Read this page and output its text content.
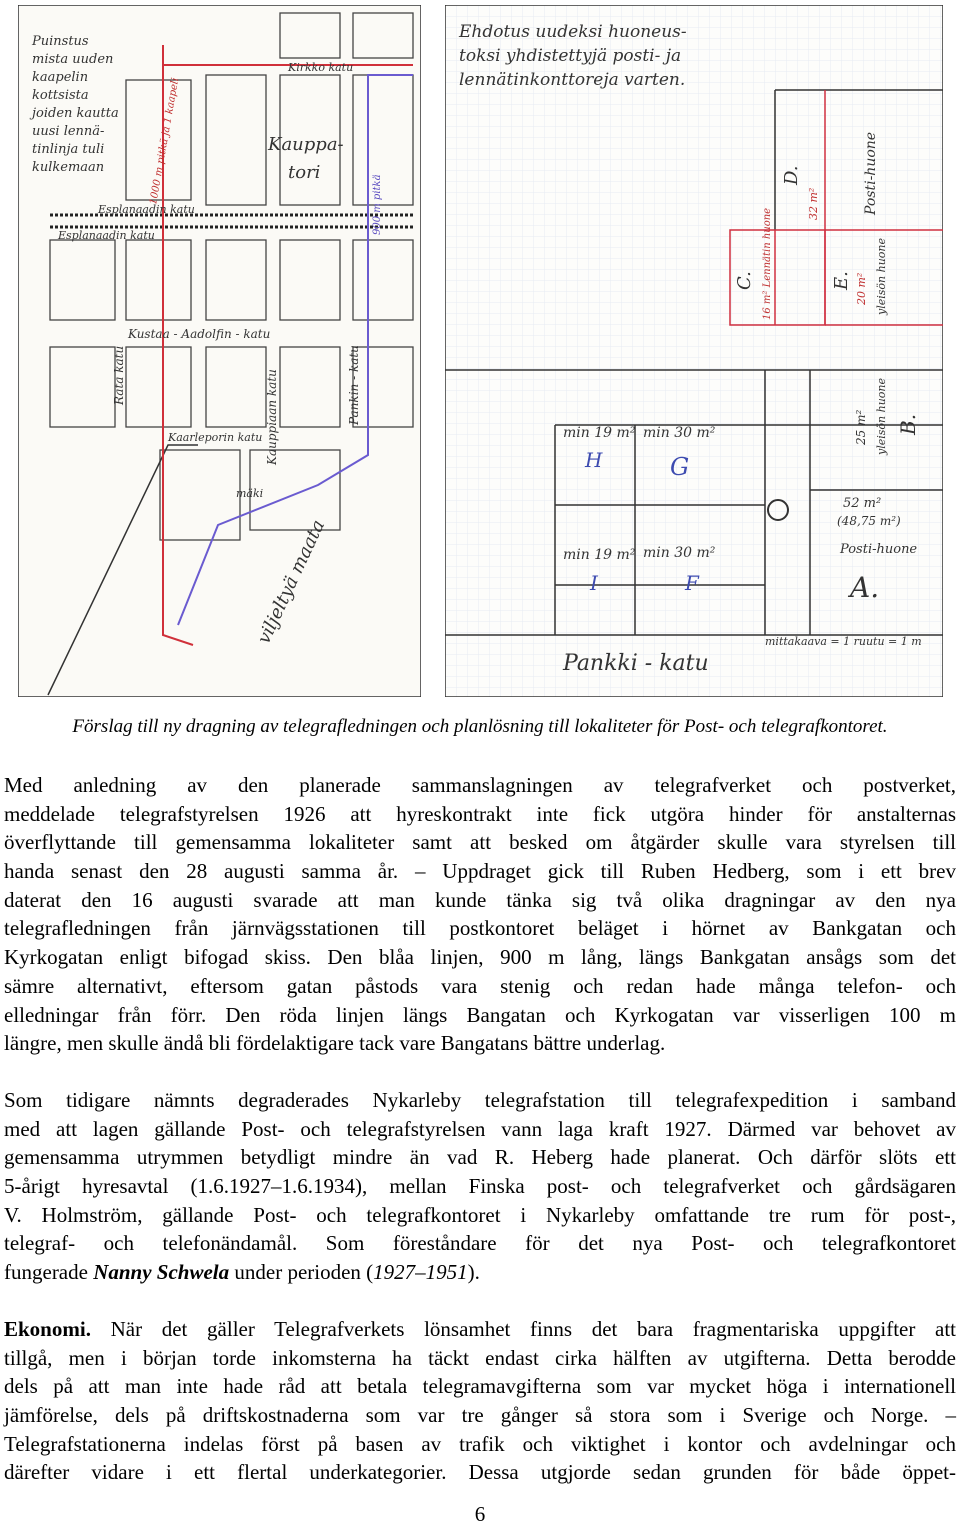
Puinstus mista uuden kaapelin kottsista joiden kautta uusi lennä-tinlinja tuli kulkemaan
Kirkko katu
Kauppa-tori
Esplanaadin katu
Esplanaadin katu
Kustaa - Aadolfin - katu
Kaarleporin katu
Rata katu	Kauppiaan katu	Pankin - katu
1000 m pitkä ja 1 kaapeli	900 m pitkä
viljeltyä maata
mäki
Ehdotus uudeksi huoneus-toksi yhdistettyjä posti- ja lennätinkonttoreja varten.
min 19 m²
H
min 30 m²
G
min 19 m²
I
min 30 m²
F
C.
16 m² Lennätin huone
D.
32 m²	Posti-huone
E. 20 m² yleisön huone
25 m² yleisön huone B.
52 m²
(48,75 m²)
Posti-huone
A.
mittakaava = 1 ruutu = 1 m
Pankki - katu
Förslag till ny dragning av telegrafledningen och planlösning till lokaliteter för Post- och telegrafkontoret.
Med anledning av den planerade sammanslagningen av telegrafverket och postverket,
meddelade telegrafstyrelsen 1926 att hyreskontrakt inte fick utgöra hinder för anstalternas
överflyttande till gemensamma lokaliteter samt att besked om åtgärder skulle vara styrelsen till
handa senast den 28 augusti samma år. – Uppdraget gick till Ruben Hedberg, som i ett brev
daterat den 16 augusti svarade att man kunde tänka sig två olika dragningar av den nya
telegrafledningen från järnvägsstationen till postkontoret beläget i hörnet av Bankgatan och
Kyrkogatan enligt bifogad skiss. Den blåa linjen, 900 m lång, längs Bankgatan ansågs som det
sämre alternativt, eftersom gatan påstods vara stenig och redan hade många telefon- och
elledningar från förr. Den röda linjen längs Bangatan och Kyrkogatan var visserligen 100 m
längre, men skulle ändå bli fördelaktigare tack vare Bangatans bättre underlag.
Som tidigare nämnts degraderades Nykarleby telegrafstation till telegrafexpedition i samband
med att lagen gällande Post- och telegrafstyrelsen vann laga kraft 1927. Därmed var behovet av
gemensamma utrymmen betydligt mindre än vad R. Heberg hade planerat. Och därför slöts ett
5-årigt hyresavtal (1.6.1927–1.6.1934), mellan Finska post- och telegrafverket och gårdsägaren
V. Holmström, gällande Post- och telegrafkontoret i Nykarleby omfattande tre rum för post-,
telegraf- och telefonändamål. Som föreståndare för det nya Post- och telegrafkontoret
fungerade Nanny Schwela under perioden (1927–1951).
Ekonomi. När det gäller Telegrafverkets lönsamhet finns det bara fragmentariska uppgifter att
tillgå, men i början torde inkomsterna ha täckt endast cirka hälften av utgifterna. Detta berodde
dels på att man inte hade råd att betala telegramavgifterna som var mycket höga i internationell
jämförelse, dels på driftskostnaderna som var tre gånger så stora som i Sverige och Norge. –
Telegrafstationerna indelas först på basen av trafik och viktighet i kontor och avdelningar och
därefter vidare i ett flertal underkategorier. Dessa utgjorde sedan grunden för både öppet-
6
